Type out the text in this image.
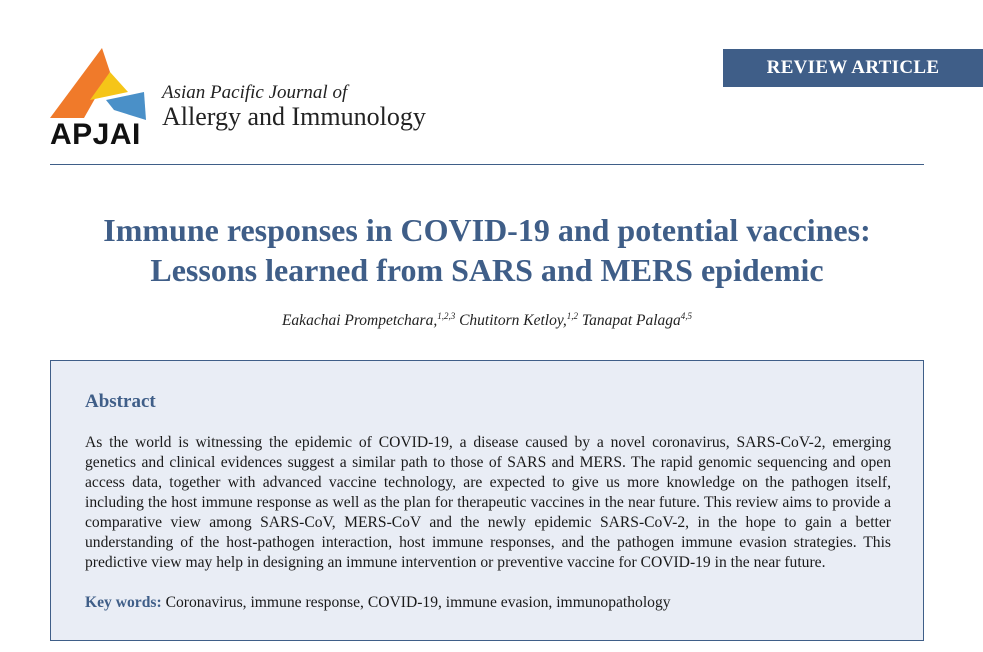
APJAI
Asian Pacific Journal of
Allergy and Immunology
REVIEW ARTICLE
Immune responses in COVID-19 and potential vaccines:
Lessons learned from SARS and MERS epidemic
Eakachai Prompetchara,$^{1,2,3}$ Chutitorn Ketloy,$^{1,2}$ Tanapat Palaga$^{4,5}$
Abstract
As the world is witnessing the epidemic of COVID-19, a disease caused by a novel coronavirus, SARS-CoV-2, emerging genetics and clinical evidences suggest a similar path to those of SARS and MERS. The rapid genomic sequencing and open access data, together with advanced vaccine technology, are expected to give us more knowledge on the pathogen itself, including the host immune response as well as the plan for therapeutic vaccines in the near future. This review aims to provide a comparative view among SARS-CoV, MERS-CoV and the newly epidemic SARS-CoV-2, in the hope to gain a better understanding of the host-pathogen interaction, host immune responses, and the pathogen immune evasion strategies. This predictive view may help in designing an immune intervention or preventive vaccine for COVID-19 in the near future.
Key words: Coronavirus, immune response, COVID-19, immune evasion, immunopathology
